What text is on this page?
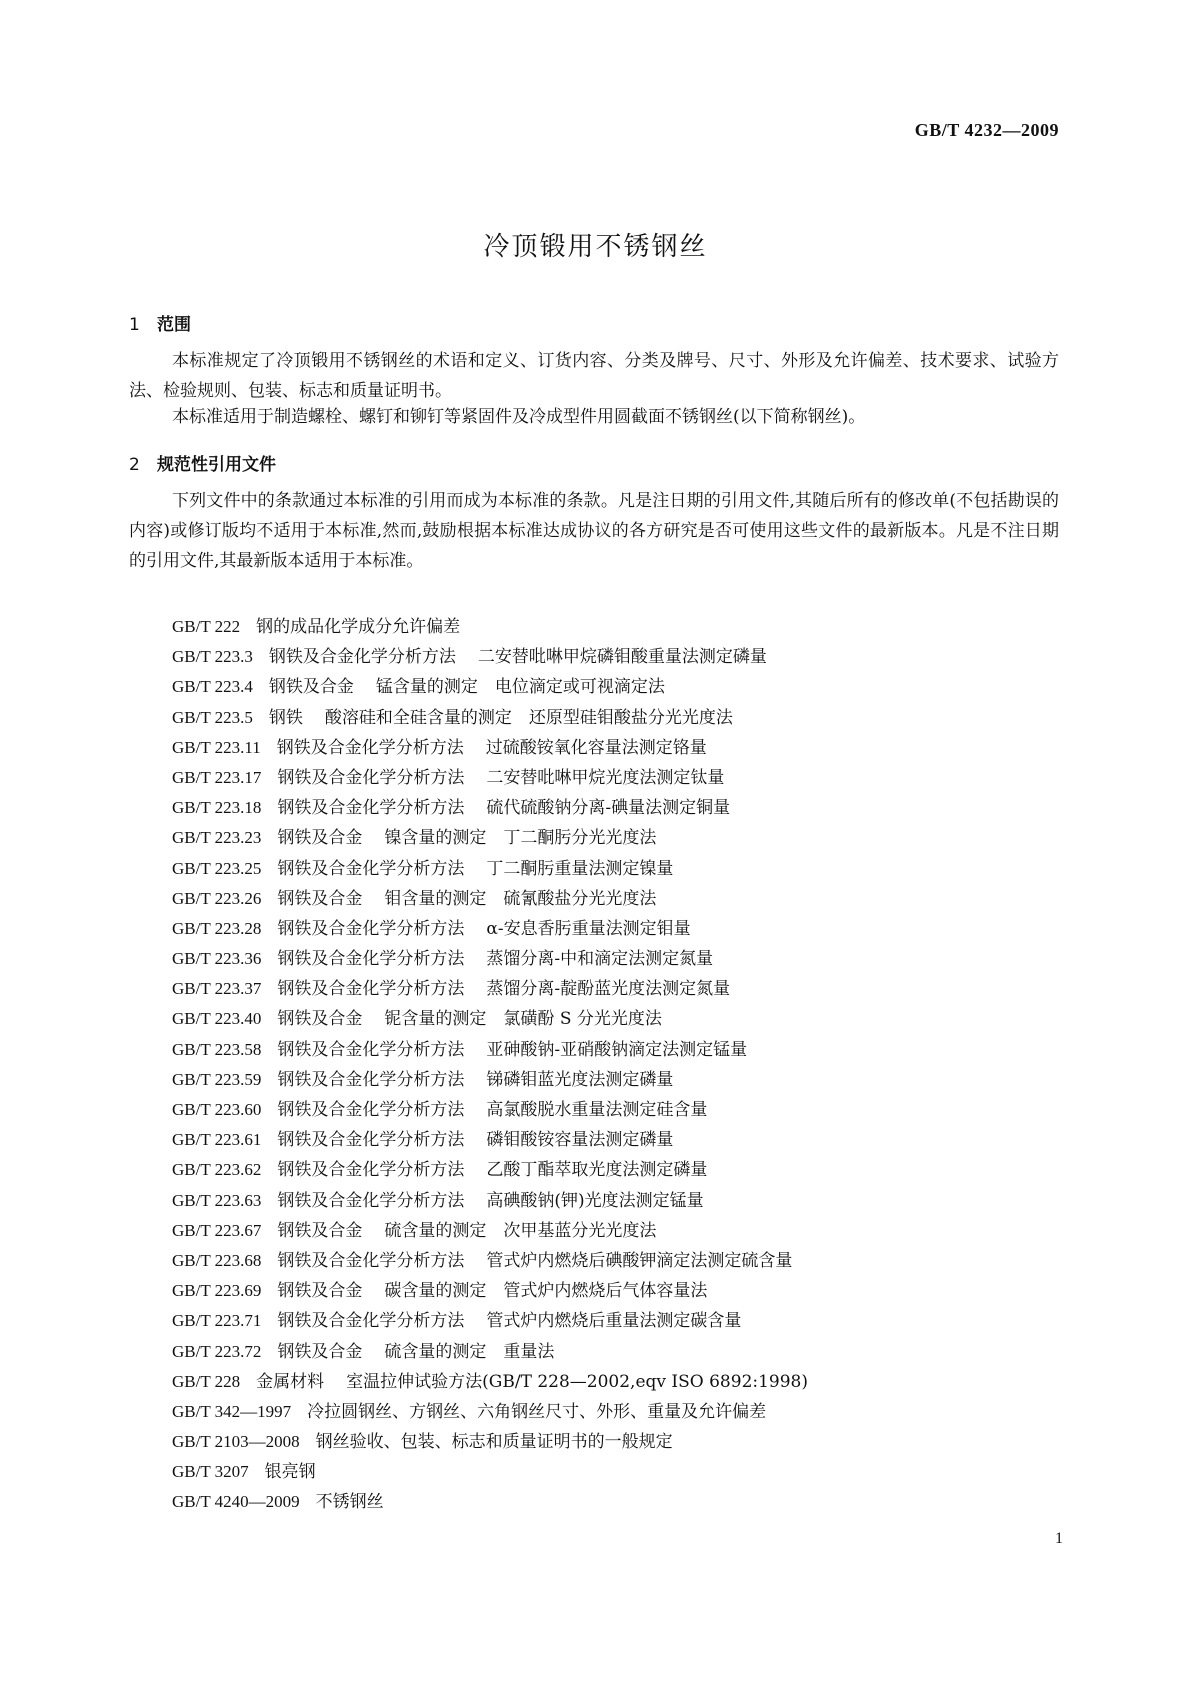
GB/T 4232—2009
冷顶锻用不锈钢丝
1 范围
本标准规定了冷顶锻用不锈钢丝的术语和定义、订货内容、分类及牌号、尺寸、外形及允许偏差、技术要求、试验方法、检验规则、包装、标志和质量证明书。
本标准适用于制造螺栓、螺钉和铆钉等紧固件及冷成型件用圆截面不锈钢丝(以下简称钢丝)。
2 规范性引用文件
下列文件中的条款通过本标准的引用而成为本标准的条款。凡是注日期的引用文件,其随后所有的修改单(不包括勘误的内容)或修订版均不适用于本标准,然而,鼓励根据本标准达成协议的各方研究是否可使用这些文件的最新版本。凡是不注日期的引用文件,其最新版本适用于本标准。
GB/T 222 钢的成品化学成分允许偏差
GB/T 223.3 钢铁及合金化学分析方法 二安替吡啉甲烷磷钼酸重量法测定磷量
GB/T 223.4 钢铁及合金 锰含量的测定　电位滴定或可视滴定法
GB/T 223.5 钢铁 酸溶硅和全硅含量的测定　还原型硅钼酸盐分光光度法
GB/T 223.11 钢铁及合金化学分析方法 过硫酸铵氧化容量法测定铬量
GB/T 223.17 钢铁及合金化学分析方法 二安替吡啉甲烷光度法测定钛量
GB/T 223.18 钢铁及合金化学分析方法 硫代硫酸钠分离-碘量法测定铜量
GB/T 223.23 钢铁及合金 镍含量的测定　丁二酮肟分光光度法
GB/T 223.25 钢铁及合金化学分析方法 丁二酮肟重量法测定镍量
GB/T 223.26 钢铁及合金 钼含量的测定　硫氰酸盐分光光度法
GB/T 223.28 钢铁及合金化学分析方法 α-安息香肟重量法测定钼量
GB/T 223.36 钢铁及合金化学分析方法 蒸馏分离-中和滴定法测定氮量
GB/T 223.37 钢铁及合金化学分析方法 蒸馏分离-靛酚蓝光度法测定氮量
GB/T 223.40 钢铁及合金 铌含量的测定　氯磺酚 S 分光光度法
GB/T 223.58 钢铁及合金化学分析方法 亚砷酸钠-亚硝酸钠滴定法测定锰量
GB/T 223.59 钢铁及合金化学分析方法 锑磷钼蓝光度法测定磷量
GB/T 223.60 钢铁及合金化学分析方法 高氯酸脱水重量法测定硅含量
GB/T 223.61 钢铁及合金化学分析方法 磷钼酸铵容量法测定磷量
GB/T 223.62 钢铁及合金化学分析方法 乙酸丁酯萃取光度法测定磷量
GB/T 223.63 钢铁及合金化学分析方法 高碘酸钠(钾)光度法测定锰量
GB/T 223.67 钢铁及合金 硫含量的测定　次甲基蓝分光光度法
GB/T 223.68 钢铁及合金化学分析方法 管式炉内燃烧后碘酸钾滴定法测定硫含量
GB/T 223.69 钢铁及合金 碳含量的测定　管式炉内燃烧后气体容量法
GB/T 223.71 钢铁及合金化学分析方法 管式炉内燃烧后重量法测定碳含量
GB/T 223.72 钢铁及合金 硫含量的测定　重量法
GB/T 228 金属材料 室温拉伸试验方法(GB/T 228—2002,eqv ISO 6892:1998)
GB/T 342—1997 冷拉圆钢丝、方钢丝、六角钢丝尺寸、外形、重量及允许偏差
GB/T 2103—2008 钢丝验收、包装、标志和质量证明书的一般规定
GB/T 3207 银亮钢
GB/T 4240—2009 不锈钢丝
1
